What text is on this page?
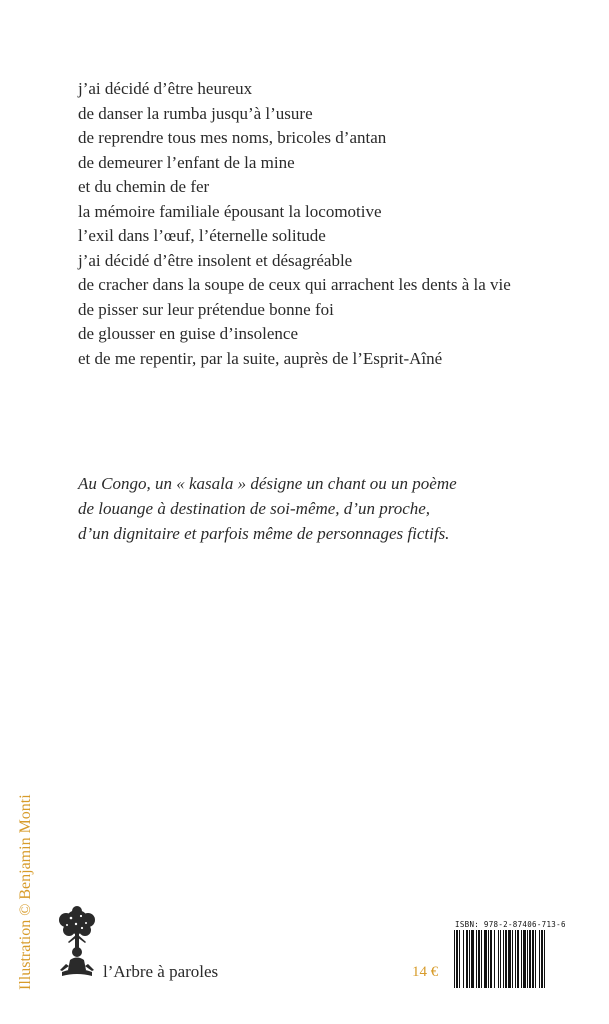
j’ai décidé d’être heureux
de danser la rumba jusqu’à l’usure
de reprendre tous mes noms, bricoles d’antan
de demeurer l’enfant de la mine
et du chemin de fer
la mémoire familiale épousant la locomotive
l’exil dans l’œuf, l’éternelle solitude
j’ai décidé d’être insolent et désagréable
de cracher dans la soupe de ceux qui arrachent les dents à la vie
de pisser sur leur prétendue bonne foi
de glousser en guise d’insolence
et de me repentir, par la suite, auprès de l’Esprit-Aîné
Au Congo, un « kasala » désigne un chant ou un poème
de louange à destination de soi-même, d’un proche,
d’un dignitaire et parfois même de personnages fictifs.
Illustration © Benjamin Monti	l’Arbre à paroles	14 €
ISBN: 978-2-87406-713-6
